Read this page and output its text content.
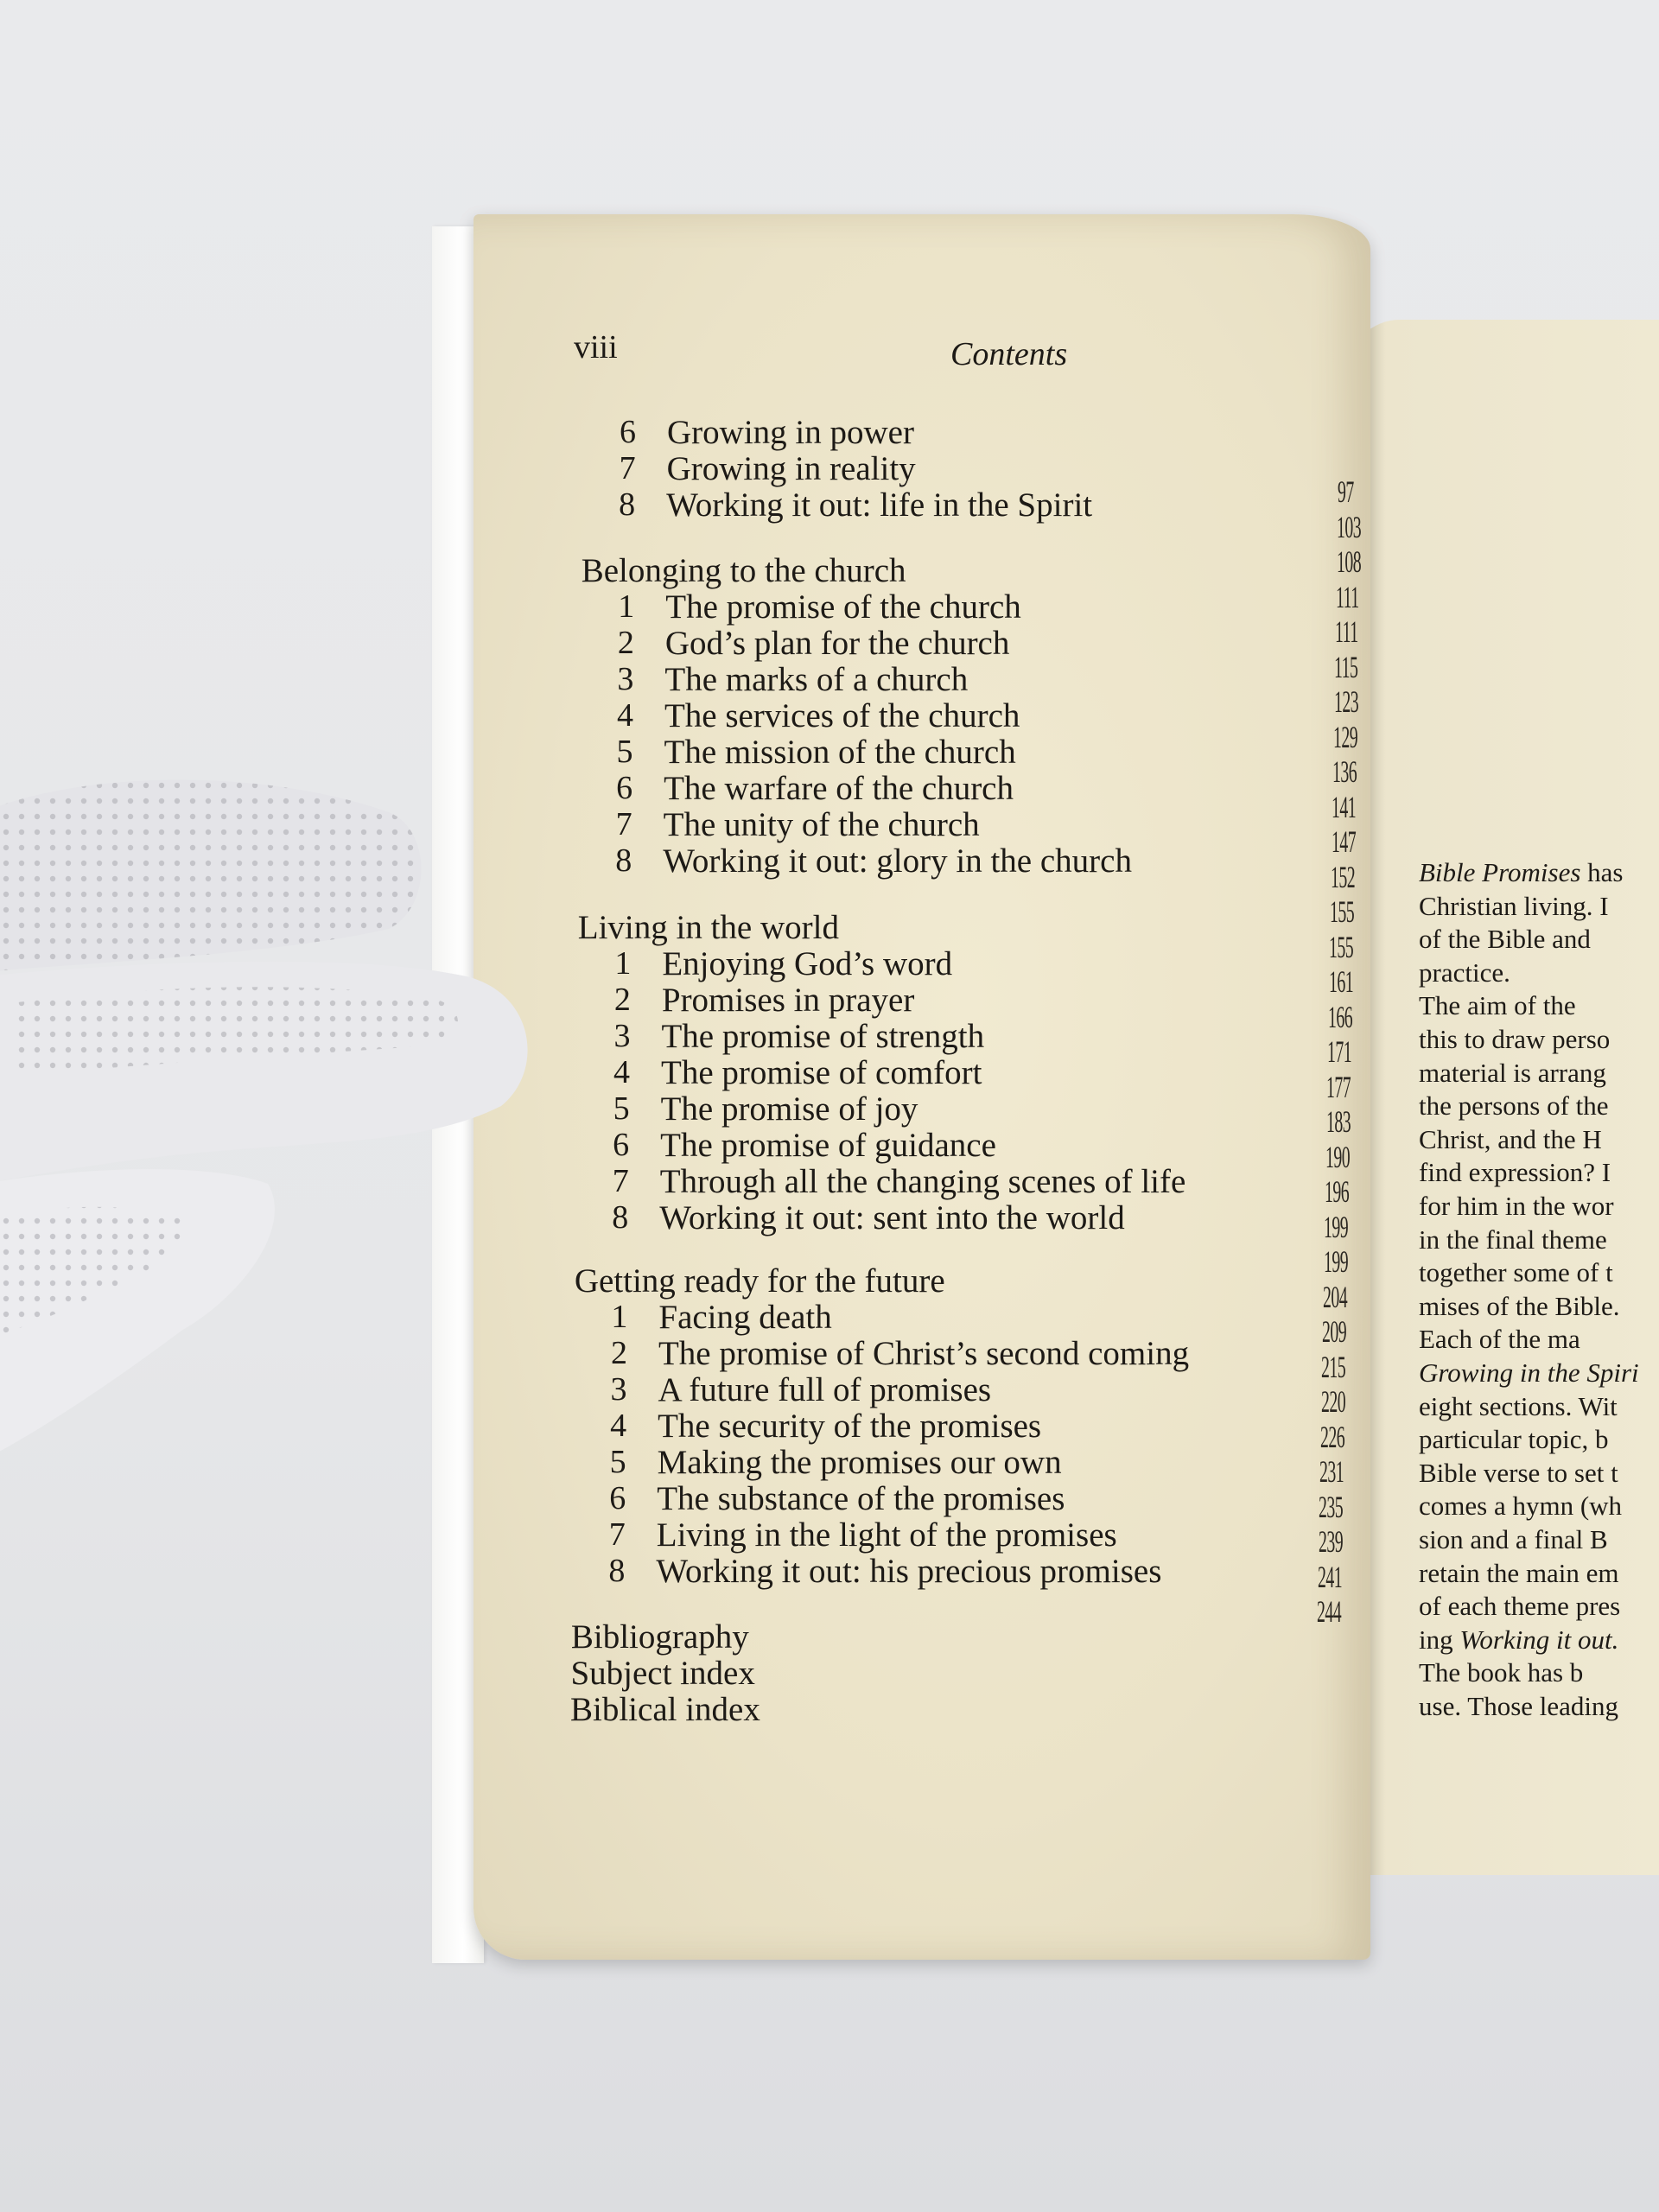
viii	Contents
6 Growing in power
7 Growing in reality
8 Working it out: life in the Spirit
Belonging to the church
1 The promise of the church
2 God’s plan for the church
3 The marks of a church
4 The services of the church
5 The mission of the church
6 The warfare of the church
7 The unity of the church
8 Working it out: glory in the church
Living in the world
1 Enjoying God’s word
2 Promises in prayer
3 The promise of strength
4 The promise of comfort
5 The promise of joy
6 The promise of guidance
7 Through all the changing scenes of life
8 Working it out: sent into the world
Getting ready for the future
1 Facing death
2 The promise of Christ’s second coming
3 A future full of promises
4 The security of the promises
5 Making the promises our own
6 The substance of the promises
7 Living in the light of the promises
8 Working it out: his precious promises
Bibliography
Subject index
Biblical index
97
103
108
111
111
115
123
129
136
141
147
152
155
155
161
166
171
177
183
190
196
199
199
204
209
215
220
226
231
235
239
241
244
Bible Promises has
Christian living. I
of the Bible and
practice.
The aim of the
this to draw perso
material is arrang
the persons of the
Christ, and the H
find expression? I
for him in the wor
in the final theme
together some of t
mises of the Bible.
Each of the ma
Growing in the Spiri
eight sections. Wit
particular topic, b
Bible verse to set t
comes a hymn (wh
sion and a final B
retain the main em
of each theme pres
ing Working it out.
The book has b
use. Those leading
